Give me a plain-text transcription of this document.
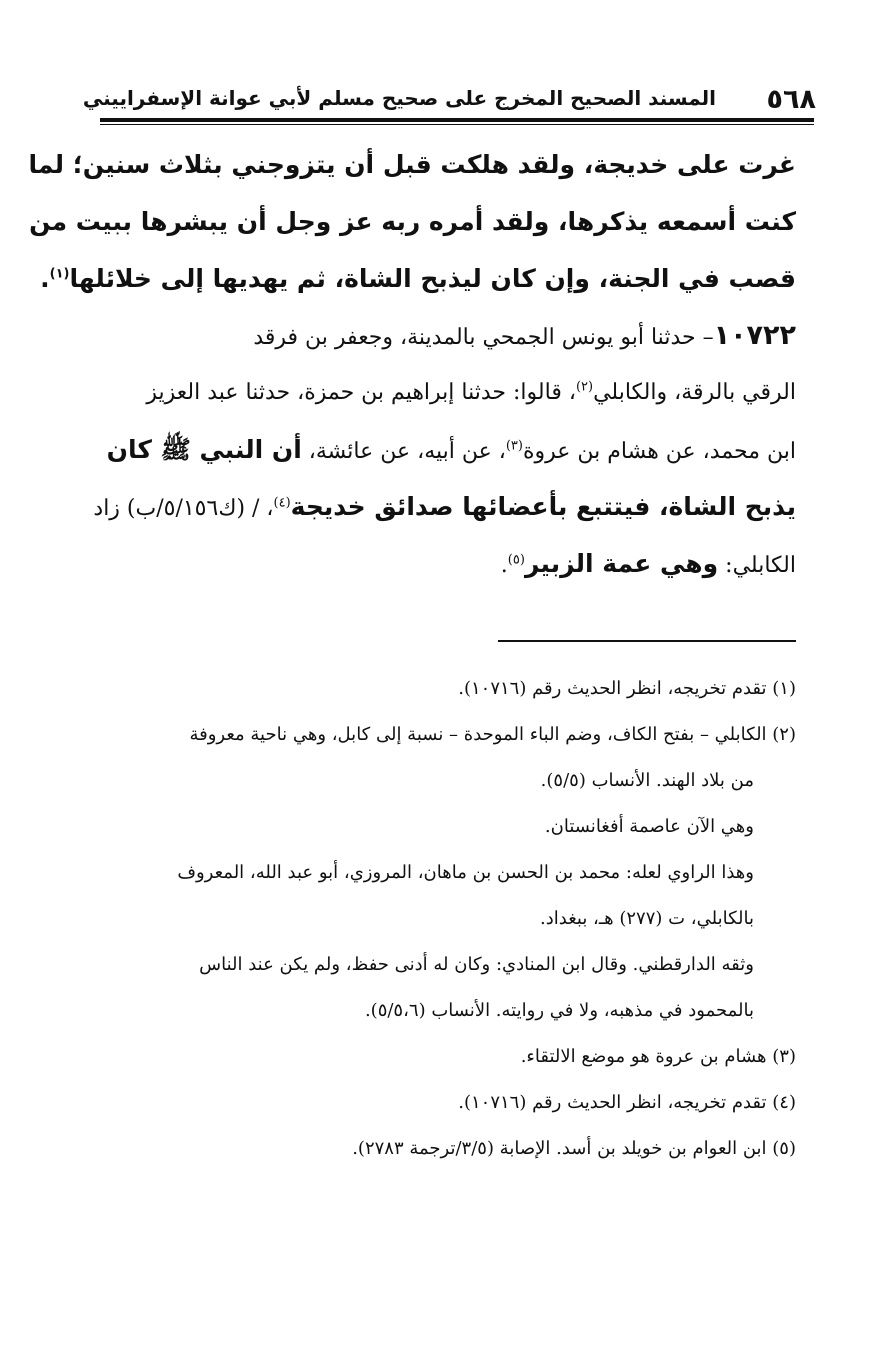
٥٦٨
المسند الصحيح المخرج على صحيح مسلم لأبي عوانة الإسفراييني
غرت على خديجة، ولقد هلكت قبل أن يتزوجني بثلاث سنين؛ لما
كنت أسمعه يذكرها، ولقد أمره ربه عز وجل أن يبشرها ببيت من
قصب في الجنة، وإن كان ليذبح الشاة، ثم يهديها إلى خلائلها$^{(١)}$.
١٠٧٢٢– حدثنا أبو يونس الجمحي بالمدينة، وجعفر بن فرقد
الرقي بالرقة، والكابلي$^{(٢)}$، قالوا: حدثنا إبراهيم بن حمزة، حدثنا عبد العزيز
ابن محمد، عن هشام بن عروة$^{(٣)}$، عن أبيه، عن عائشة، أن النبي ﷺ كان
يذبح الشاة، فيتتبع بأعضائها صدائق خديجة$^{(٤)}$، / (ك٥/١٥٦/ب) زاد
الكابلي: وهي عمة الزبير$^{(٥)}$.
(١) تقدم تخريجه، انظر الحديث رقم (١٠٧١٦).
(٢) الكابلي – بفتح الكاف، وضم الباء الموحدة – نسبة إلى كابل، وهي ناحية معروفة
من بلاد الهند. الأنساب (٥/٥).
وهي الآن عاصمة أفغانستان.
وهذا الراوي لعله: محمد بن الحسن بن ماهان، المروزي، أبو عبد الله، المعروف
بالكابلي، ت (٢٧٧) هـ، ببغداد.
وثقه الدارقطني. وقال ابن المنادي: وكان له أدنى حفظ، ولم يكن عند الناس
بالمحمود في مذهبه، ولا في روايته. الأنساب (٥/٥،٦).
(٣) هشام بن عروة هو موضع الالتقاء.
(٤) تقدم تخريجه، انظر الحديث رقم (١٠٧١٦).
(٥) ابن العوام بن خويلد بن أسد. الإصابة (٣/٥/ترجمة ٢٧٨٣).
